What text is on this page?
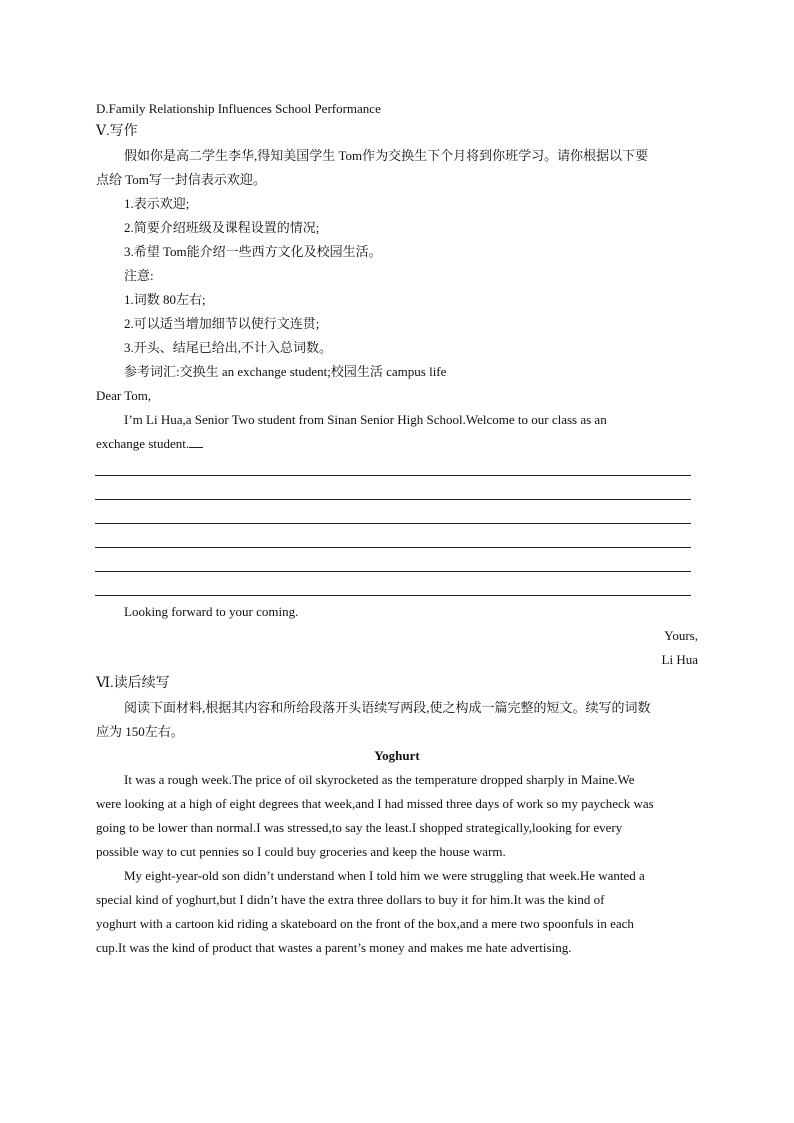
D.Family Relationship Influences School Performance
Ⅴ.写作
假如你是高二学生李华,得知美国学生 Tom作为交换生下个月将到你班学习。请你根据以下要
点给 Tom写一封信表示欢迎。
1.表示欢迎;
2.简要介绍班级及课程设置的情况;
3.希望 Tom能介绍一些西方文化及校园生活。
注意:
1.词数 80左右;
2.可以适当增加细节以使行文连贯;
3.开头、结尾已给出,不计入总词数。
参考词汇:交换生 an exchange student;校园生活 campus life
Dear Tom,
I’m Li Hua,a Senior Two student from Sinan Senior High School.Welcome to our class as an
exchange student.
Looking forward to your coming.
Yours,
Li Hua
Ⅵ.读后续写
阅读下面材料,根据其内容和所给段落开头语续写两段,使之构成一篇完整的短文。续写的词数
应为 150左右。
Yoghurt
It was a rough week.The price of oil skyrocketed as the temperature dropped sharply in Maine.We
were looking at a high of eight degrees that week,and I had missed three days of work so my paycheck was
going to be lower than normal.I was stressed,to say the least.I shopped strategically,looking for every
possible way to cut pennies so I could buy groceries and keep the house warm.
My eight-year-old son didn’t understand when I told him we were struggling that week.He wanted a
special kind of yoghurt,but I didn’t have the extra three dollars to buy it for him.It was the kind of
yoghurt with a cartoon kid riding a skateboard on the front of the box,and a mere two spoonfuls in each
cup.It was the kind of product that wastes a parent’s money and makes me hate advertising.
